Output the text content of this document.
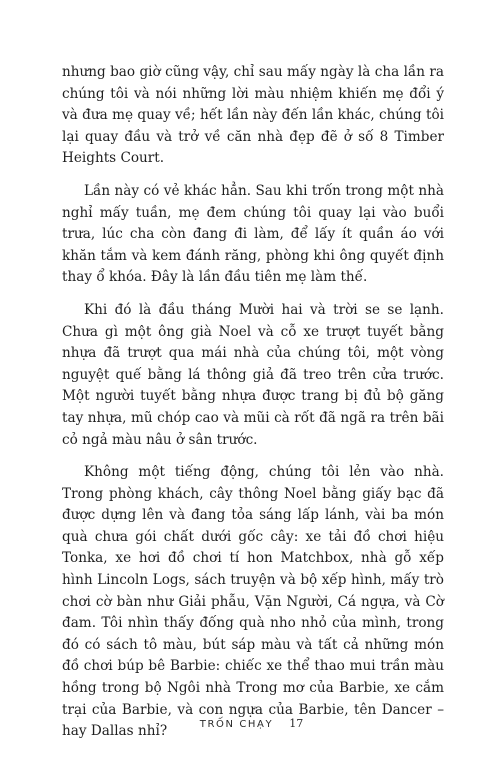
nhưng bao giờ cũng vậy, chỉ sau mấy ngày là cha lần ra chúng tôi và nói những lời màu nhiệm khiến mẹ đổi ý và đưa mẹ quay về; hết lần này đến lần khác, chúng tôi lại quay đầu và trở về căn nhà đẹp đẽ ở số 8 Timber Heights Court.

Lần này có vẻ khác hẳn. Sau khi trốn trong một nhà nghỉ mấy tuần, mẹ đem chúng tôi quay lại vào buổi trưa, lúc cha còn đang đi làm, để lấy ít quần áo với khăn tắm và kem đánh răng, phòng khi ông quyết định thay ổ khóa. Đây là lần đầu tiên mẹ làm thế.

Khi đó là đầu tháng Mười hai và trời se se lạnh. Chưa gì một ông già Noel và cỗ xe trượt tuyết bằng nhựa đã trượt qua mái nhà của chúng tôi, một vòng nguyệt quế bằng lá thông giả đã treo trên cửa trước. Một người tuyết bằng nhựa được trang bị đủ bộ găng tay nhựa, mũ chóp cao và mũi cà rốt đã ngã ra trên bãi cỏ ngả màu nâu ở sân trước.

Không một tiếng động, chúng tôi lẻn vào nhà. Trong phòng khách, cây thông Noel bằng giấy bạc đã được dựng lên và đang tỏa sáng lấp lánh, vài ba món quà chưa gói chất dưới gốc cây: xe tải đồ chơi hiệu Tonka, xe hơi đồ chơi tí hon Matchbox, nhà gỗ xếp hình Lincoln Logs, sách truyện và bộ xếp hình, mấy trò chơi cờ bàn như Giải phẫu, Vặn Người, Cá ngựa, và Cờ đam. Tôi nhìn thấy đống quà nho nhỏ của mình, trong đó có sách tô màu, bút sáp màu và tất cả những món đồ chơi búp bê Barbie: chiếc xe thể thao mui trần màu hồng trong bộ Ngôi nhà Trong mơ của Barbie, xe cắm trại của Barbie, và con ngựa của Barbie, tên Dancer – hay Dallas nhỉ?	TRỐN CHẠY 17
